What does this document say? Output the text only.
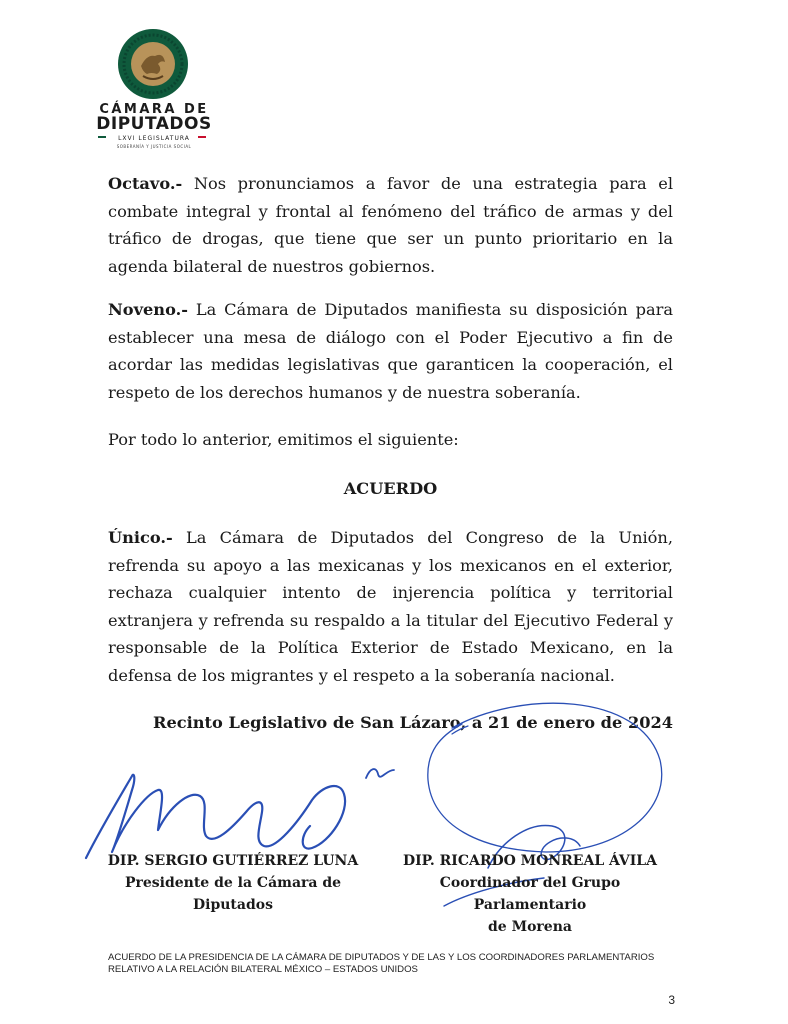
CÁMARA DE
DIPUTADOS
LXVI LEGISLATURA
SOBERANÍA Y JUSTICIA SOCIAL

Octavo.- Nos pronunciamos a favor de una estrategia para el combate integral y frontal al fenómeno del tráfico de armas y del tráfico de drogas, que tiene que ser un punto prioritario en la agenda bilateral de nuestros gobiernos.

Noveno.- La Cámara de Diputados manifiesta su disposición para establecer una mesa de diálogo con el Poder Ejecutivo a fin de acordar las medidas legislativas que garanticen la cooperación, el respeto de los derechos humanos y de nuestra soberanía.

Por todo lo anterior, emitimos el siguiente:

ACUERDO

Único.- La Cámara de Diputados del Congreso de la Unión, refrenda su apoyo a las mexicanas y los mexicanos en el exterior, rechaza cualquier intento de injerencia política y territorial extranjera y refrenda su respaldo a la titular del Ejecutivo Federal y responsable de la Política Exterior de Estado Mexicano, en la defensa de los migrantes y el respeto a la soberanía nacional.

Recinto Legislativo de San Lázaro, a 21 de enero de 2024
DIP. SERGIO GUTIÉRREZ LUNA
Presidente de la Cámara de
Diputados
DIP. RICARDO MONREAL ÁVILA
Coordinador del Grupo
Parlamentario
de Morena
ACUERDO DE LA PRESIDENCIA DE LA CÁMARA DE DIPUTADOS Y DE LAS Y LOS COORDINADORES PARLAMENTARIOS
RELATIVO A LA RELACIÓN BILATERAL MÉXICO – ESTADOS UNIDOS
3
